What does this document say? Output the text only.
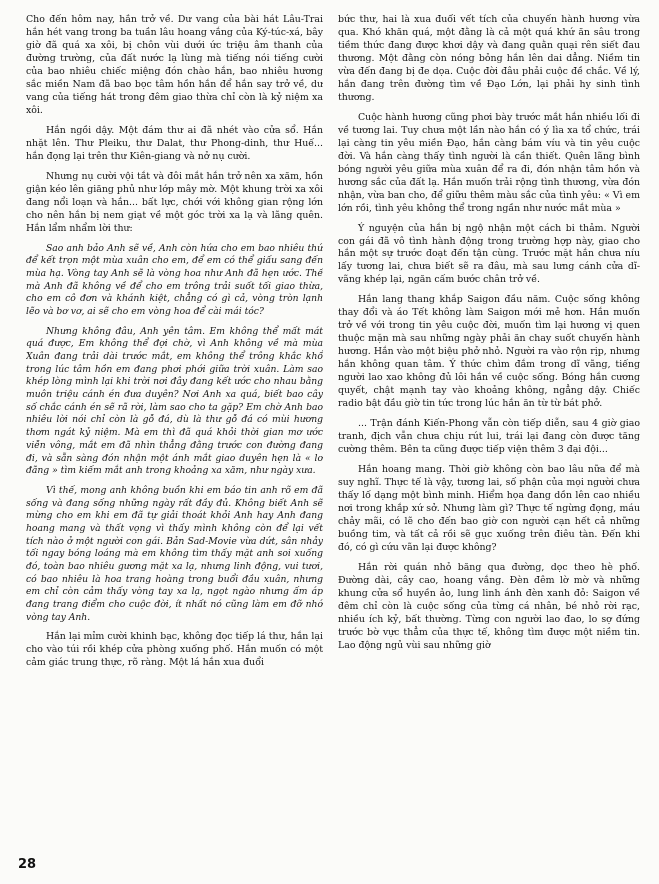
Cho đến hôm nay, hắn trở về. Dư vang của bài hát Lâu-Trai hắn hét vang trong ba tuần lâu hoang vắng của Ký-túc-xá, bây giờ đã quá xa xôi, bị chôn vùi dưới ức triệu âm thanh của đường trường, của đất nước lạ lùng mà tiếng nói tiếng cười của bao nhiêu chiếc miệng đón chào hắn, bao nhiêu hương sắc miền Nam đã bao bọc tâm hồn hắn để hắn say trở về, dư vang của tiếng hát trong đêm giao thừa chỉ còn là kỷ niệm xa xôi.

Hắn ngồi dậy. Một đám thư ai đã nhét vào cửa sổ. Hắn nhặt lên. Thư Pleiku, thư Dalat, thư Phong-dinh, thư Huế... hắn đọng lại trên thư Kiên-giang và nở nụ cười.

Nhưng nụ cười vội tắt và đôi mắt hắn trở nên xa xăm, hồn giận kéo lên giăng phủ như lớp mây mờ. Một khung trời xa xôi đang nổi loạn và hắn... bất lực, chới với không gian rộng lớn cho nên hắn bị nem giạt về một góc trời xa lạ và lãng quên. Hắn lẩm nhẩm lời thư:

Sao anh bảo Anh sẽ về, Anh còn hứa cho em bao nhiêu thứ để kết trọn một mùa xuân cho em, để em có thể giấu sang đến mùa hạ. Vòng tay Anh sẽ là vòng hoa như Anh đã hẹn ước. Thế mà Anh đã không về để cho em trông trải suốt tối giao thừa, cho em cô đơn và khánh kiệt, chẳng có gì cả, vòng tròn lạnh lẽo và bơ vơ, ai sẽ cho em vòng hoa để cài mái tóc?

Nhưng không đâu, Anh yên tâm. Em không thể mất mát quá được, Em không thể đợi chờ, vì Anh không về mà mùa Xuân đang trải dài trước mắt, em không thể trông khắc khổ trong lúc tâm hồn em đang phơi phới giữa trời xuân. Làm sao khép lòng mình lại khi trời nơi đây đang kết ước cho nhau bằng muôn triệu cánh én đưa duyên? Nơi Anh xa quá, biết bao cây số chắc cánh én sẽ rã rời, làm sao cho ta gặp? Em chờ Anh bao nhiêu lời nói chỉ còn là gỗ đá, dù là thư gỗ đá có mùi hương thơm ngát kỷ niệm. Mà em thì đã quá khỏi thời gian mơ ước viễn vông, mắt em đã nhìn thẳng đằng trước con đường đang đi, và sẵn sàng đón nhận một ánh mắt giao duyên hẹn là « lơ đãng » tìm kiếm mắt anh trong khoảng xa xăm, như ngày xưa.

Vì thế, mong anh không buồn khi em báo tin anh rõ em đã sống và đang sống những ngày rất đầy đủ. Không biết Anh sẽ mừng cho em khi em đã tự giải thoát khỏi Anh hay Anh đang hoang mang và thất vọng vì thấy mình không còn để lại vết tích nào ở một người con gái. Bản Sad-Movie vừa dứt, sân nhảy tối ngay bóng loáng mà em không tìm thấy mặt anh soi xuống đó, toàn bao nhiêu gương mặt xa lạ, nhưng linh động, vui tươi, có bao nhiêu là hoa trang hoàng trong buổi đầu xuân, nhưng em chỉ còn cảm thấy vòng tay xa lạ, ngọt ngào nhưng ấm áp đang trang điểm cho cuộc đời, ít nhất nó cũng làm em đỡ nhớ vòng tay Anh.

Hắn lại mỉm cười khinh bạc, không đọc tiếp lá thư, hắn lại cho vào túi rồi khép cửa phòng xuống phố. Hắn muốn có một cảm giác trung thực, rõ ràng. Một lá hắn xua đuổi

bức thư, hai là xua đuổi vết tích của chuyến hành hương vừa qua. Khó khăn quá, một đằng là cả một quá khứ ăn sâu trong tiềm thức đang được khơi dậy và đang quằn quại rên siết đau thương. Một đằng còn nóng bỏng hắn lên dai dẳng. Niềm tin vừa đến đang bị đe dọa. Cuộc đời đâu phải cuộc đề chắc. Về lý, hắn đang trên đường tìm về Đạo Lớn, lại phải hy sinh tình thương.

Cuộc hành hương cũng phơi bày trước mắt hắn nhiều lối đi về tương lai. Tuy chưa một lần nào hắn có ý lìa xa tổ chức, trái lại càng tin yêu miền Đạo, hắn càng bám víu và tin yêu cuộc đời. Và hắn càng thấy tình người là cần thiết. Quên lãng bình bóng người yêu giữa mùa xuân để ra đi, đón nhận tâm hồn và hương sắc của đất lạ. Hắn muốn trải rộng tình thương, vừa đón nhận, vừa ban cho, để giữu thêm màu sắc của tình yêu: « Vì em lớn rồi, tình yêu không thể trong ngần như nước mắt mùa »

Ý nguyện của hắn bị ngộ nhận một cách bi thảm. Người con gái đã vô tình hành động trong trường hợp này, giao cho hắn một sự trước đoạt đến tận cùng. Trước mặt hắn chưa níu lấy tương lai, chưa biết sẽ ra đâu, mà sau lưng cánh cửa dĩ-vãng khép lại, ngăn cấm bước chân trở về.

Hắn lang thang khắp Saigon đầu năm. Cuộc sống không thay đổi và áo Tết không làm Saigon mới mẻ hơn. Hắn muốn trở về với trong tin yêu cuộc đời, muốn tìm lại hương vị quen thuộc mặn mà sau những ngày phải ăn chay suốt chuyến hành hương. Hắn vào một biệu phở nhỏ. Người ra vào rộn rịp, nhưng hắn không quan tâm. Ý thức chìm đắm trong dĩ vãng, tiếng người lao xao không đủ lôi hắn về cuộc sống. Bóng hắn cương quyết, chật mạnh tay vào khoảng không, ngẳng dậy. Chiếc radio bật đầu giờ tin tức trong lúc hắn ăn từ từ bát phở.

... Trận đánh Kiến-Phong vẫn còn tiếp diễn, sau 4 giờ giao tranh, địch vẫn chưa chịu rút lui, trái lại đang còn được tăng cường thêm. Bên ta cũng được tiếp viện thêm 3 đại đội...

Hắn hoang mang. Thời giờ không còn bao lâu nữa để mà suy nghĩ. Thực tế là vậy, tương lai, số phận của mọi người chưa thấy lố dạng một bình minh. Hiểm họa đang dồn lên cao nhiều nơi trong khắp xứ sở. Nhưng làm gì? Thực tế ngừng đọng, máu chảy mãi, có lẽ cho đến bao giờ con người cạn hết cả những buồng tim, và tất cả rồi sẽ gục xuống trên điêu tàn. Đến khi đó, có gì cứu vãn lại được không?

Hắn rời quán nhỏ băng qua đường, dọc theo hè phố. Đường dài, cây cao, hoang vắng. Đèn đêm lờ mờ và những khung cửa sổ huyền ảo, lung linh ánh đèn xanh đỏ: Saigon về đêm chỉ còn là cuộc sống của từng cá nhân, bé nhỏ rời rạc, nhiều ích kỷ, bất thường. Từng con người lao đao, lo sợ đứng trước bờ vực thẳm của thực tế, không tìm được một niềm tin. Lao động ngủ vùi sau những giờ

28
